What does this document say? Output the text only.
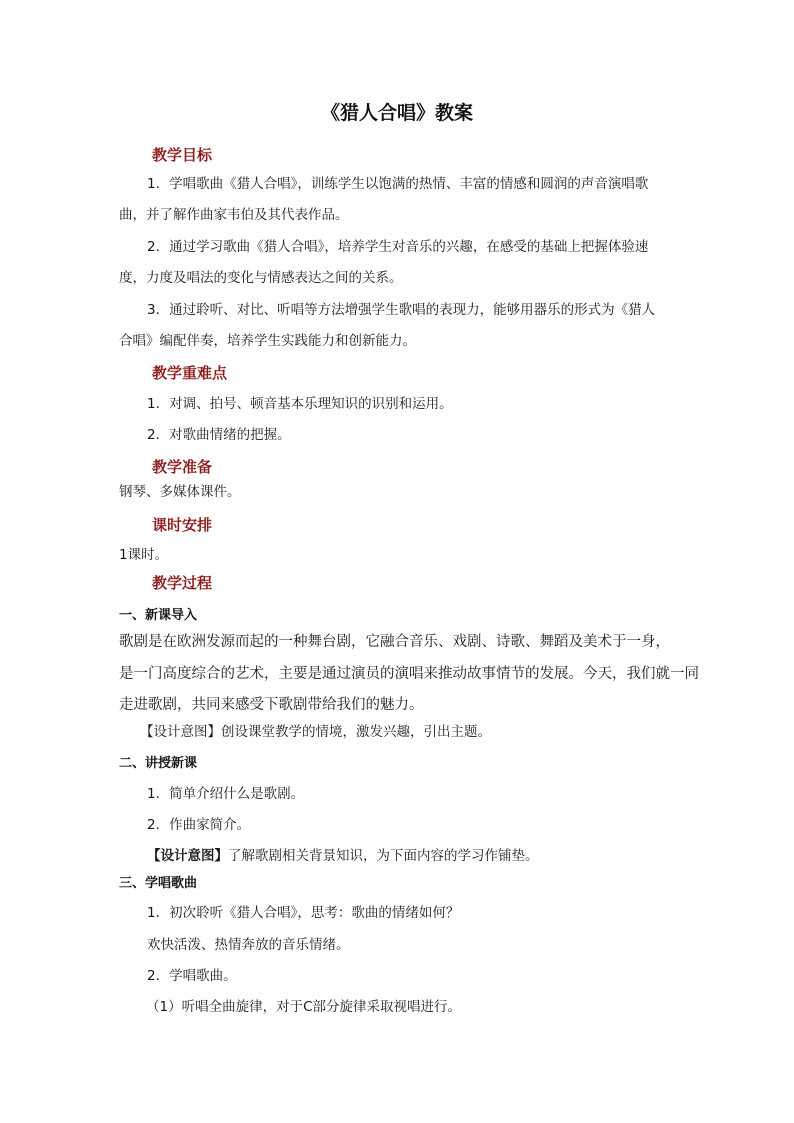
《猎人合唱》教案
教学目标
1．学唱歌曲《猎人合唱》，训练学生以饱满的热情、丰富的情感和圆润的声音演唱歌
曲，并了解作曲家韦伯及其代表作品。
2．通过学习歌曲《猎人合唱》，培养学生对音乐的兴趣，在感受的基础上把握体验速
度，力度及唱法的变化与情感表达之间的关系。
3．通过聆听、对比、听唱等方法增强学生歌唱的表现力，能够用器乐的形式为《猎人
合唱》编配伴奏，培养学生实践能力和创新能力。
教学重难点
1．对调、拍号、顿音基本乐理知识的识别和运用。
2．对歌曲情绪的把握。
教学准备
钢琴、多媒体课件。
课时安排
1课时。
教学过程
一、新课导入
歌剧是在欧洲发源而起的一种舞台剧，它融合音乐、戏剧、诗歌、舞蹈及美术于一身，
是一门高度综合的艺术，主要是通过演员的演唱来推动故事情节的发展。今天，我们就一同
走进歌剧，共同来感受下歌剧带给我们的魅力。
【设计意图】创设课堂教学的情境，激发兴趣，引出主题。
二、讲授新课
1．简单介绍什么是歌剧。
2．作曲家简介。
【设计意图】了解歌剧相关背景知识，为下面内容的学习作铺垫。
三、学唱歌曲
1．初次聆听《猎人合唱》，思考：歌曲的情绪如何？
欢快活泼、热情奔放的音乐情绪。
2．学唱歌曲。
（1）听唱全曲旋律，对于C部分旋律采取视唱进行。
